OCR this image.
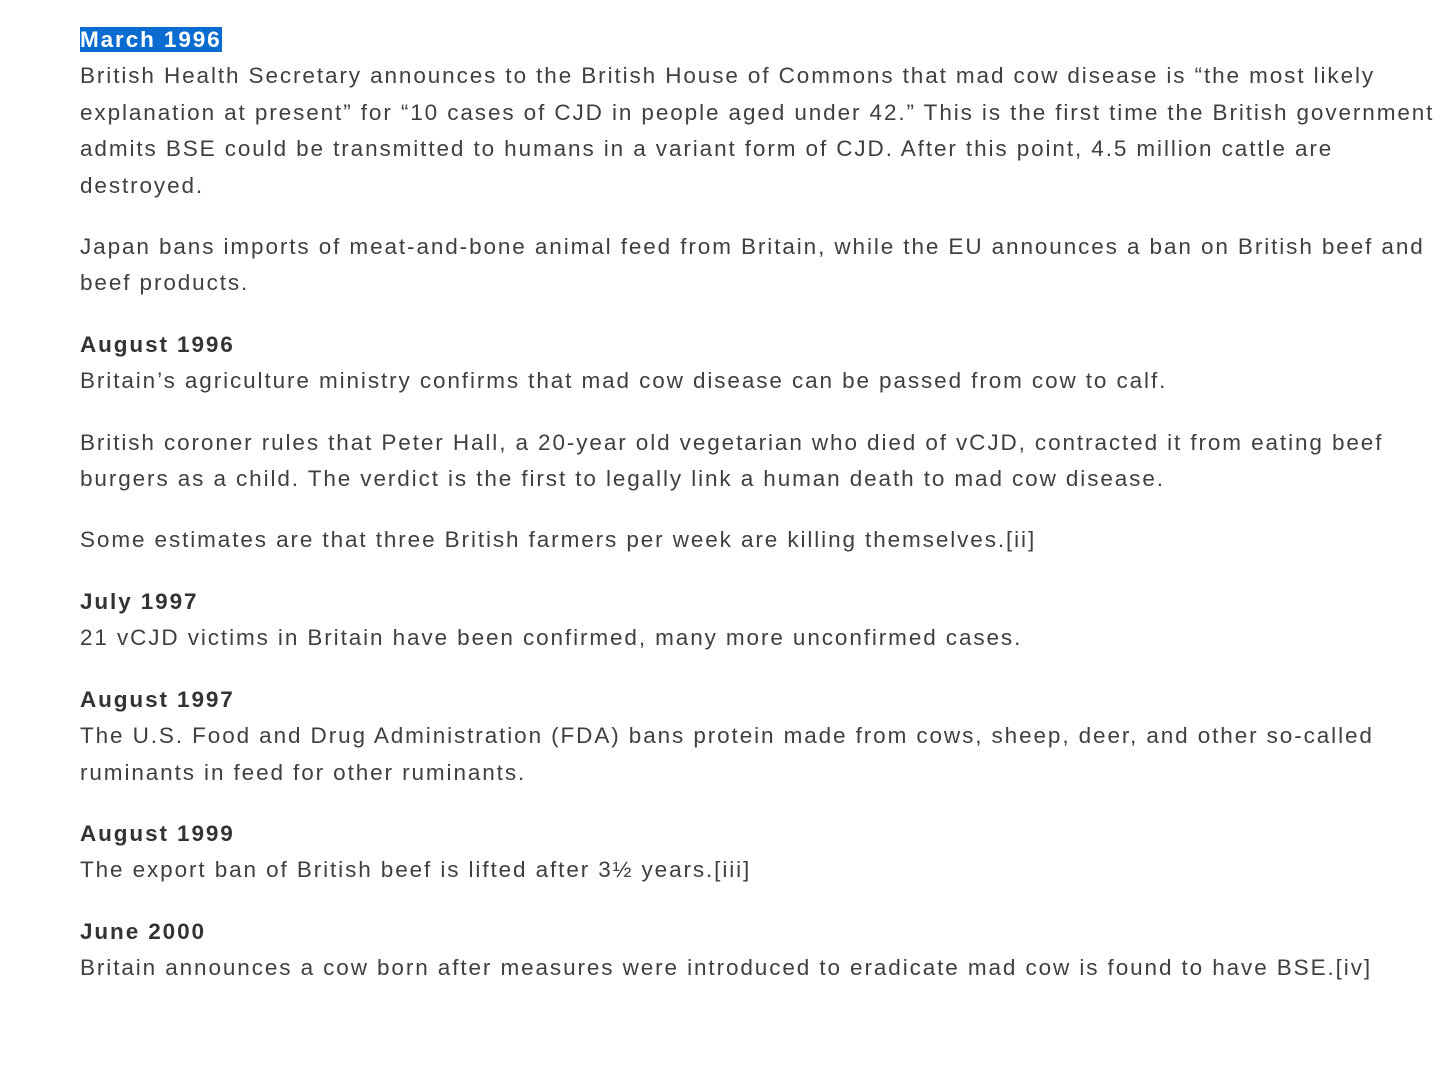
March 1996

British Health Secretary announces to the British House of Commons that mad cow disease is “the most likely explanation at present” for “10 cases of CJD in people aged under 42.” This is the first time the British government admits BSE could be transmitted to humans in a variant form of CJD. After this point, 4.5 million cattle are destroyed.

Japan bans imports of meat-and-bone animal feed from Britain, while the EU announces a ban on British beef and beef products.

August 1996

Britain’s agriculture ministry confirms that mad cow disease can be passed from cow to calf.

British coroner rules that Peter Hall, a 20-year old vegetarian who died of vCJD, contracted it from eating beef burgers as a child. The verdict is the first to legally link a human death to mad cow disease.

Some estimates are that three British farmers per week are killing themselves.[ii]

July 1997

21 vCJD victims in Britain have been confirmed, many more unconfirmed cases.

August 1997

The U.S. Food and Drug Administration (FDA) bans protein made from cows, sheep, deer, and other so-called ruminants in feed for other ruminants.

August 1999

The export ban of British beef is lifted after 3½ years.[iii]

June 2000

Britain announces a cow born after measures were introduced to eradicate mad cow is found to have BSE.[iv]
